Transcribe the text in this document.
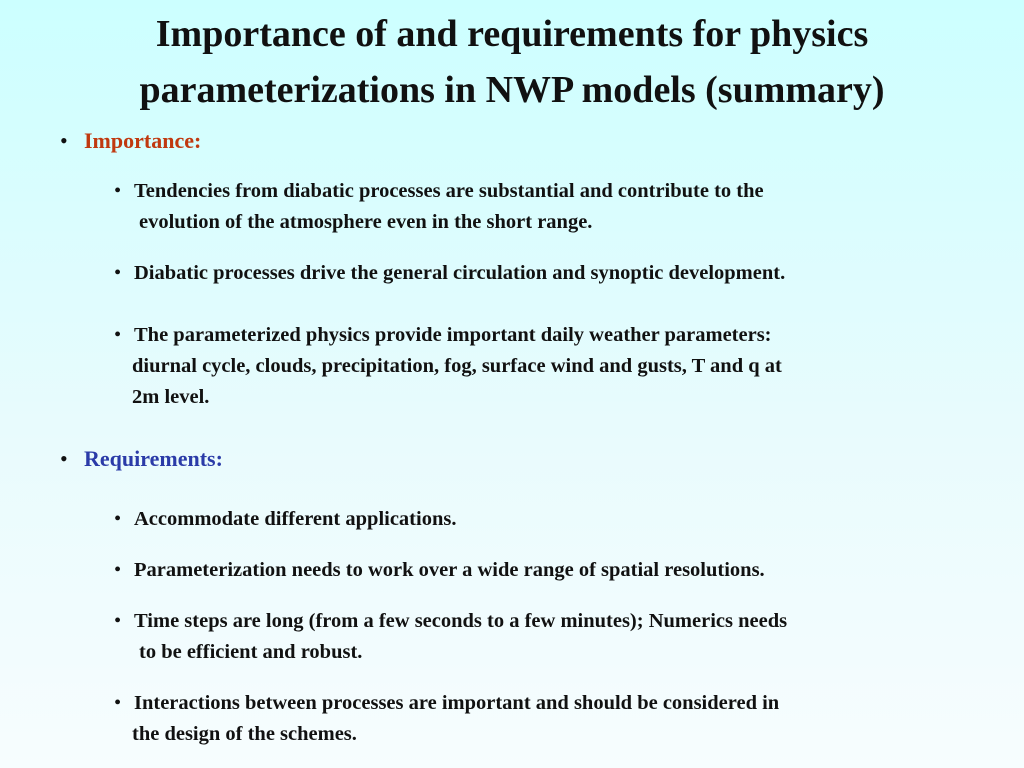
Importance of and requirements for physics
parameterizations in NWP models (summary)
• Importance:
• Tendencies from diabatic processes are substantial and contribute to the
evolution of the atmosphere even in the short range.
• Diabatic processes drive the general circulation and synoptic development.
• The parameterized physics provide important daily weather parameters:
diurnal cycle, clouds, precipitation, fog, surface wind and gusts, T and q at
2m level.
• Requirements:
• Accommodate different applications.
• Parameterization needs to work over a wide range of spatial resolutions.
• Time steps are long (from a few seconds to a few minutes); Numerics needs
to be efficient and robust.
• Interactions between processes are important and should be considered in
the design of the schemes.
